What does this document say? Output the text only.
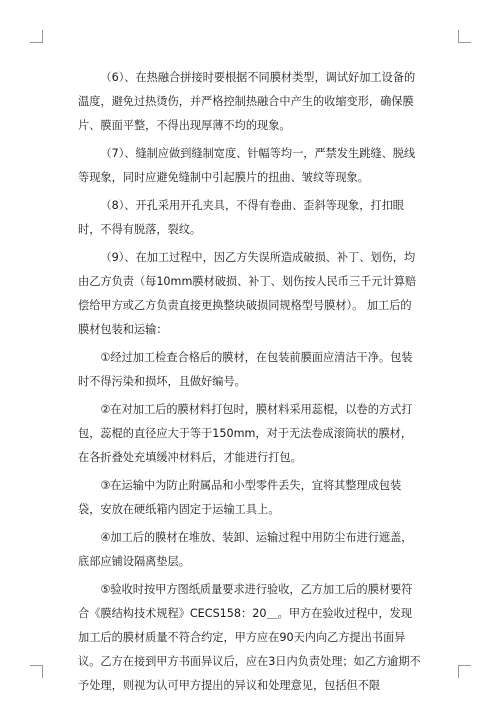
（6）、在热融合拼接时要根据不同膜材类型，调试好加工设备的温度，避免过热烫伤，并严格控制热融合中产生的收缩变形，确保膜片、膜面平整，不得出现厚薄不均的现象。

（7）、缝制应做到缝制宽度、针幅等均一，严禁发生跳缝、脱线等现象，同时应避免缝制中引起膜片的扭曲、皱纹等现象。

（8）、开孔采用开孔夹具，不得有卷曲、歪斜等现象，打扣眼时，不得有脱落，裂纹。

（9）、在加工过程中，因乙方失误所造成破损、补丁、划伤，均由乙方负责（每10mm膜材破损、补丁、划伤按人民币三千元计算赔偿给甲方或乙方负责直接更换整块破损同规格型号膜材）。 加工后的膜材包装和运输：

①经过加工检查合格后的膜材，在包装前膜面应清洁干净。包装时不得污染和损坏，且做好编号。

②在对加工后的膜材料打包时，膜材料采用蕊棍，以卷的方式打包，蕊棍的直径应大于等于150mm，对于无法卷成滚筒状的膜材，在各折叠处充填缓冲材料后，才能进行打包。

③在运输中为防止附属品和小型零件丢失，宜将其整理成包装袋，安放在硬纸箱内固定于运输工具上。

④加工后的膜材在堆放、装卸、运输过程中用防尘布进行遮盖，底部应铺设隔离垫层。

⑤验收时按甲方图纸质量要求进行验收，乙方加工后的膜材要符合《膜结构技术规程》CECS158：20＿。甲方在验收过程中，发现加工后的膜材质量不符合约定，甲方应在90天内向乙方提出书面异议。乙方在接到甲方书面异议后，应在3日内负责处理；如乙方逾期不予处理，则视为认可甲方提出的异议和处理意见，包括但不限
